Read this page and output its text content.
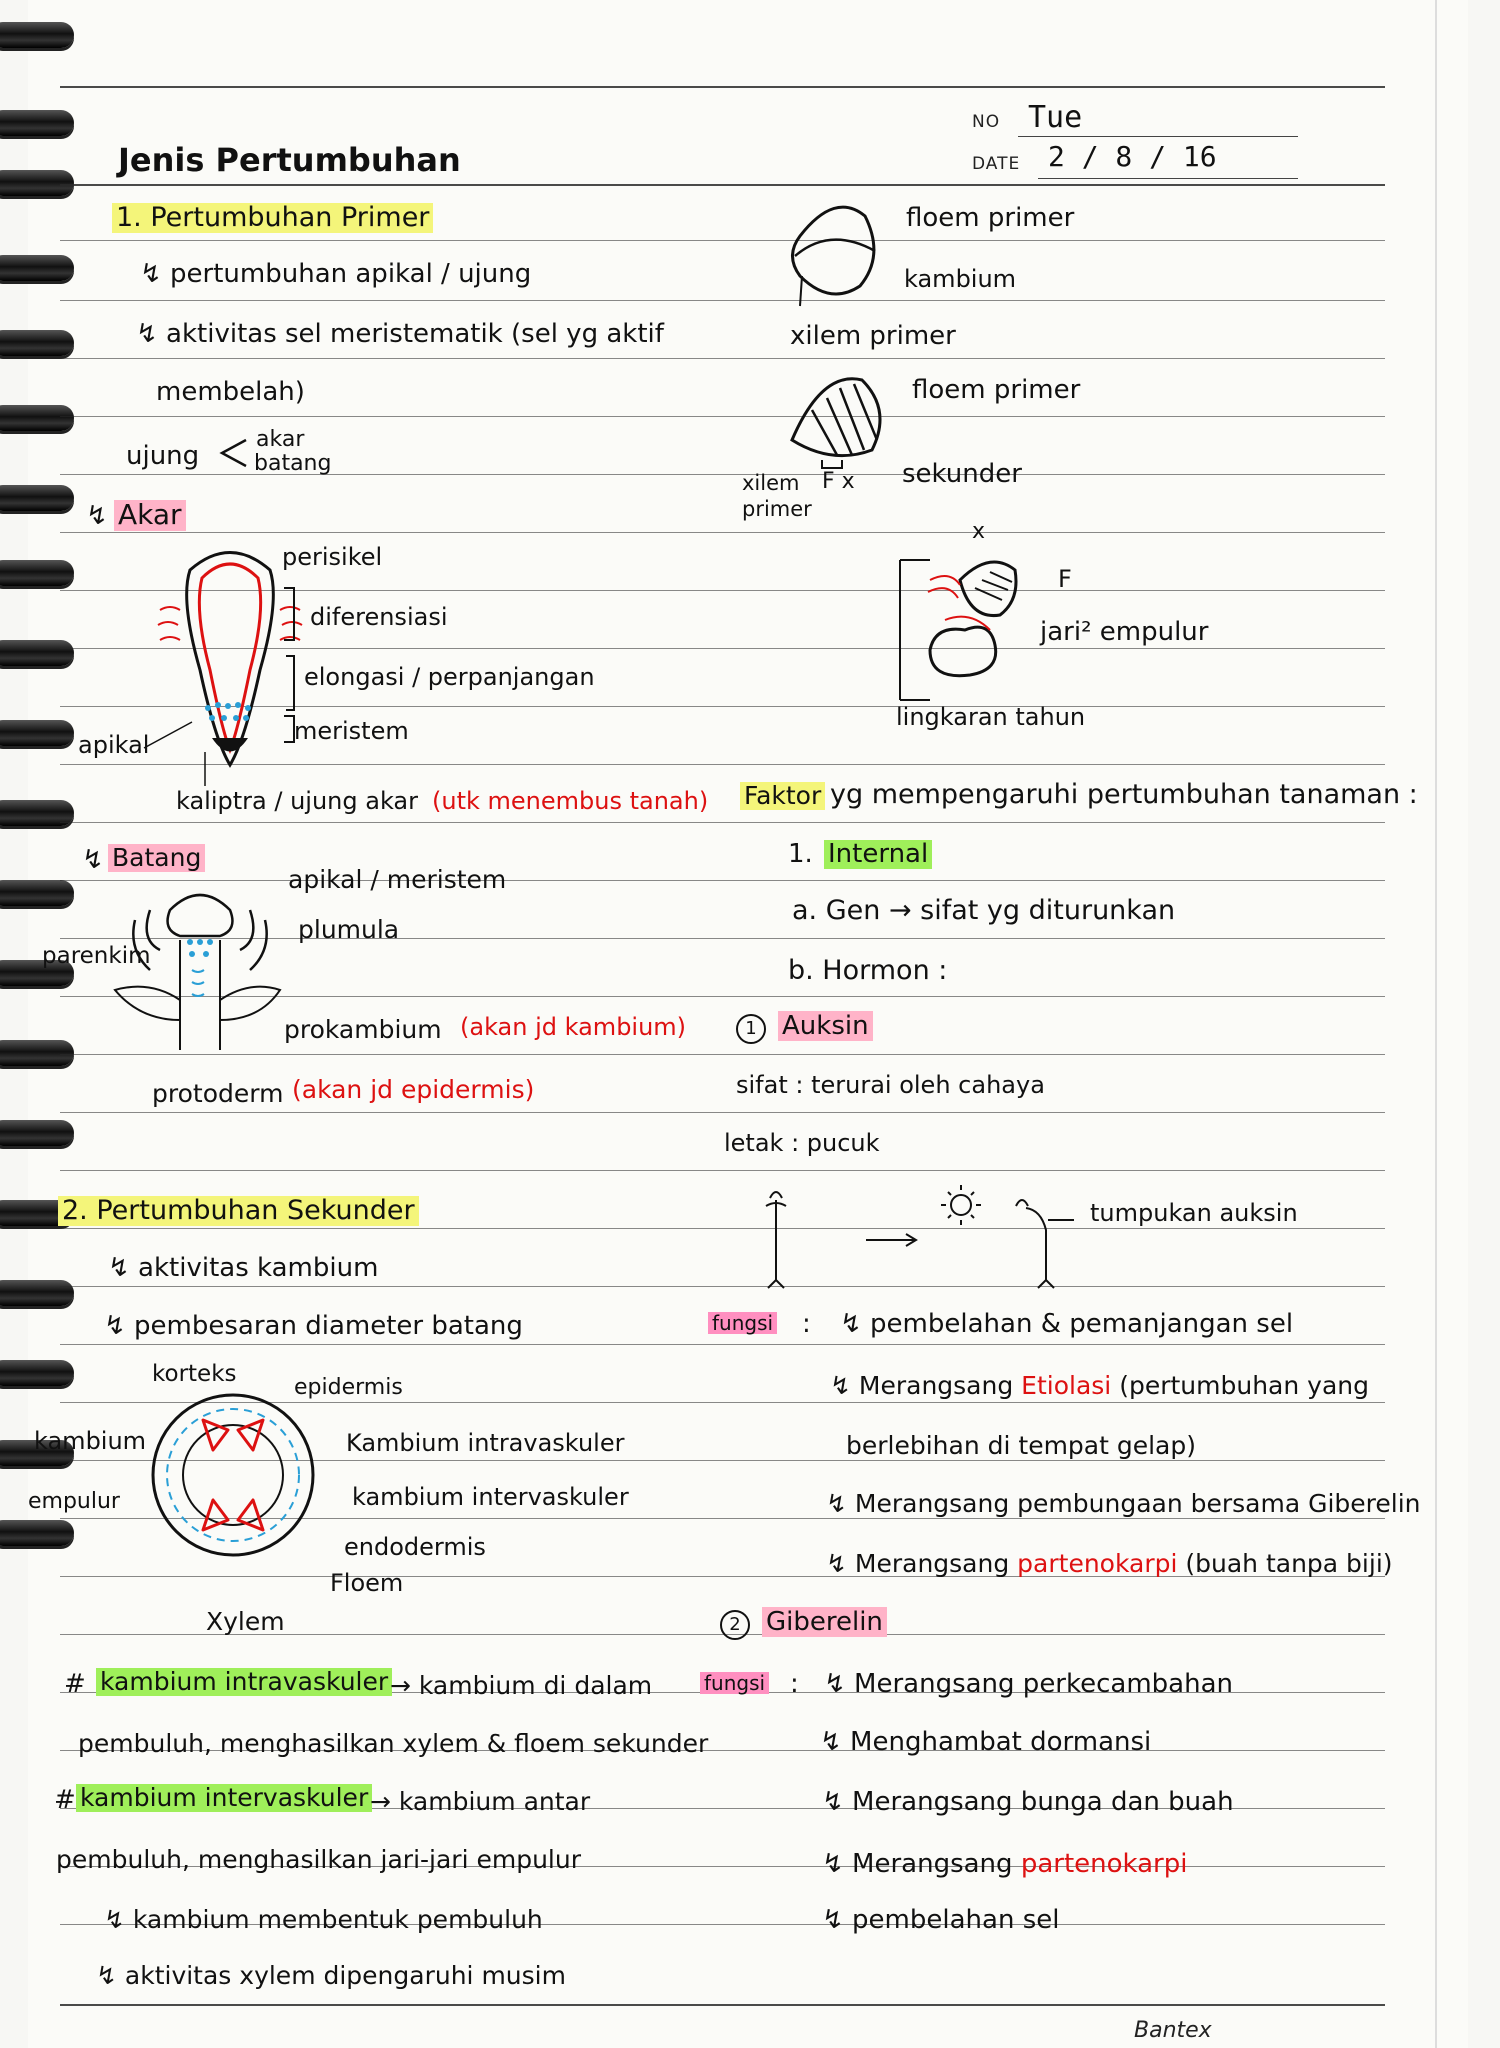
NO Tue
DATE 2 / 8 / 16
Jenis Pertumbuhan
1. Pertumbuhan Primer
↯ pertumbuhan apikal / ujung
↯ aktivitas sel meristematik (sel yg aktif
membelah)
ujung
akar
batang
↯ Akar
perisikel
diferensiasi
elongasi / perpanjangan
meristem
apikal
kaliptra / ujung akar (utk menembus tanah)
↯ Batang
apikal / meristem
plumula
parenkim
prokambium (akan jd kambium)
protoderm (akan jd epidermis)
2. Pertumbuhan Sekunder
↯ aktivitas kambium
↯ pembesaran diameter batang
korteks
epidermis
kambium	Kambium intravaskuler
empulur	kambium intervaskuler
endodermis
Floem
Xylem
# kambium intravaskuler → kambium di dalam
pembuluh, menghasilkan xylem & floem sekunder
# kambium intervaskuler → kambium antar
pembuluh, menghasilkan jari-jari empulur
↯ kambium membentuk pembuluh
↯ aktivitas xylem dipengaruhi musim
floem primer
kambium
xilem primer
floem primer
xilem
primer
F x sekunder
x
F
jari² empulur
lingkaran tahun
Faktor yg mempengaruhi pertumbuhan tanaman :
1. Internal
a. Gen → sifat yg diturunkan
b. Hormon :
1 Auksin
sifat : terurai oleh cahaya
letak : pucuk
tumpukan auksin
fungsi : ↯ pembelahan & pemanjangan sel
↯ Merangsang Etiolasi (pertumbuhan yang
berlebihan di tempat gelap)
↯ Merangsang pembungaan bersama Giberelin
↯ Merangsang partenokarpi (buah tanpa biji)
2 Giberelin
fungsi : ↯ Merangsang perkecambahan
↯ Menghambat dormansi
↯ Merangsang bunga dan buah
↯ Merangsang partenokarpi
↯ pembelahan sel
Bantex
